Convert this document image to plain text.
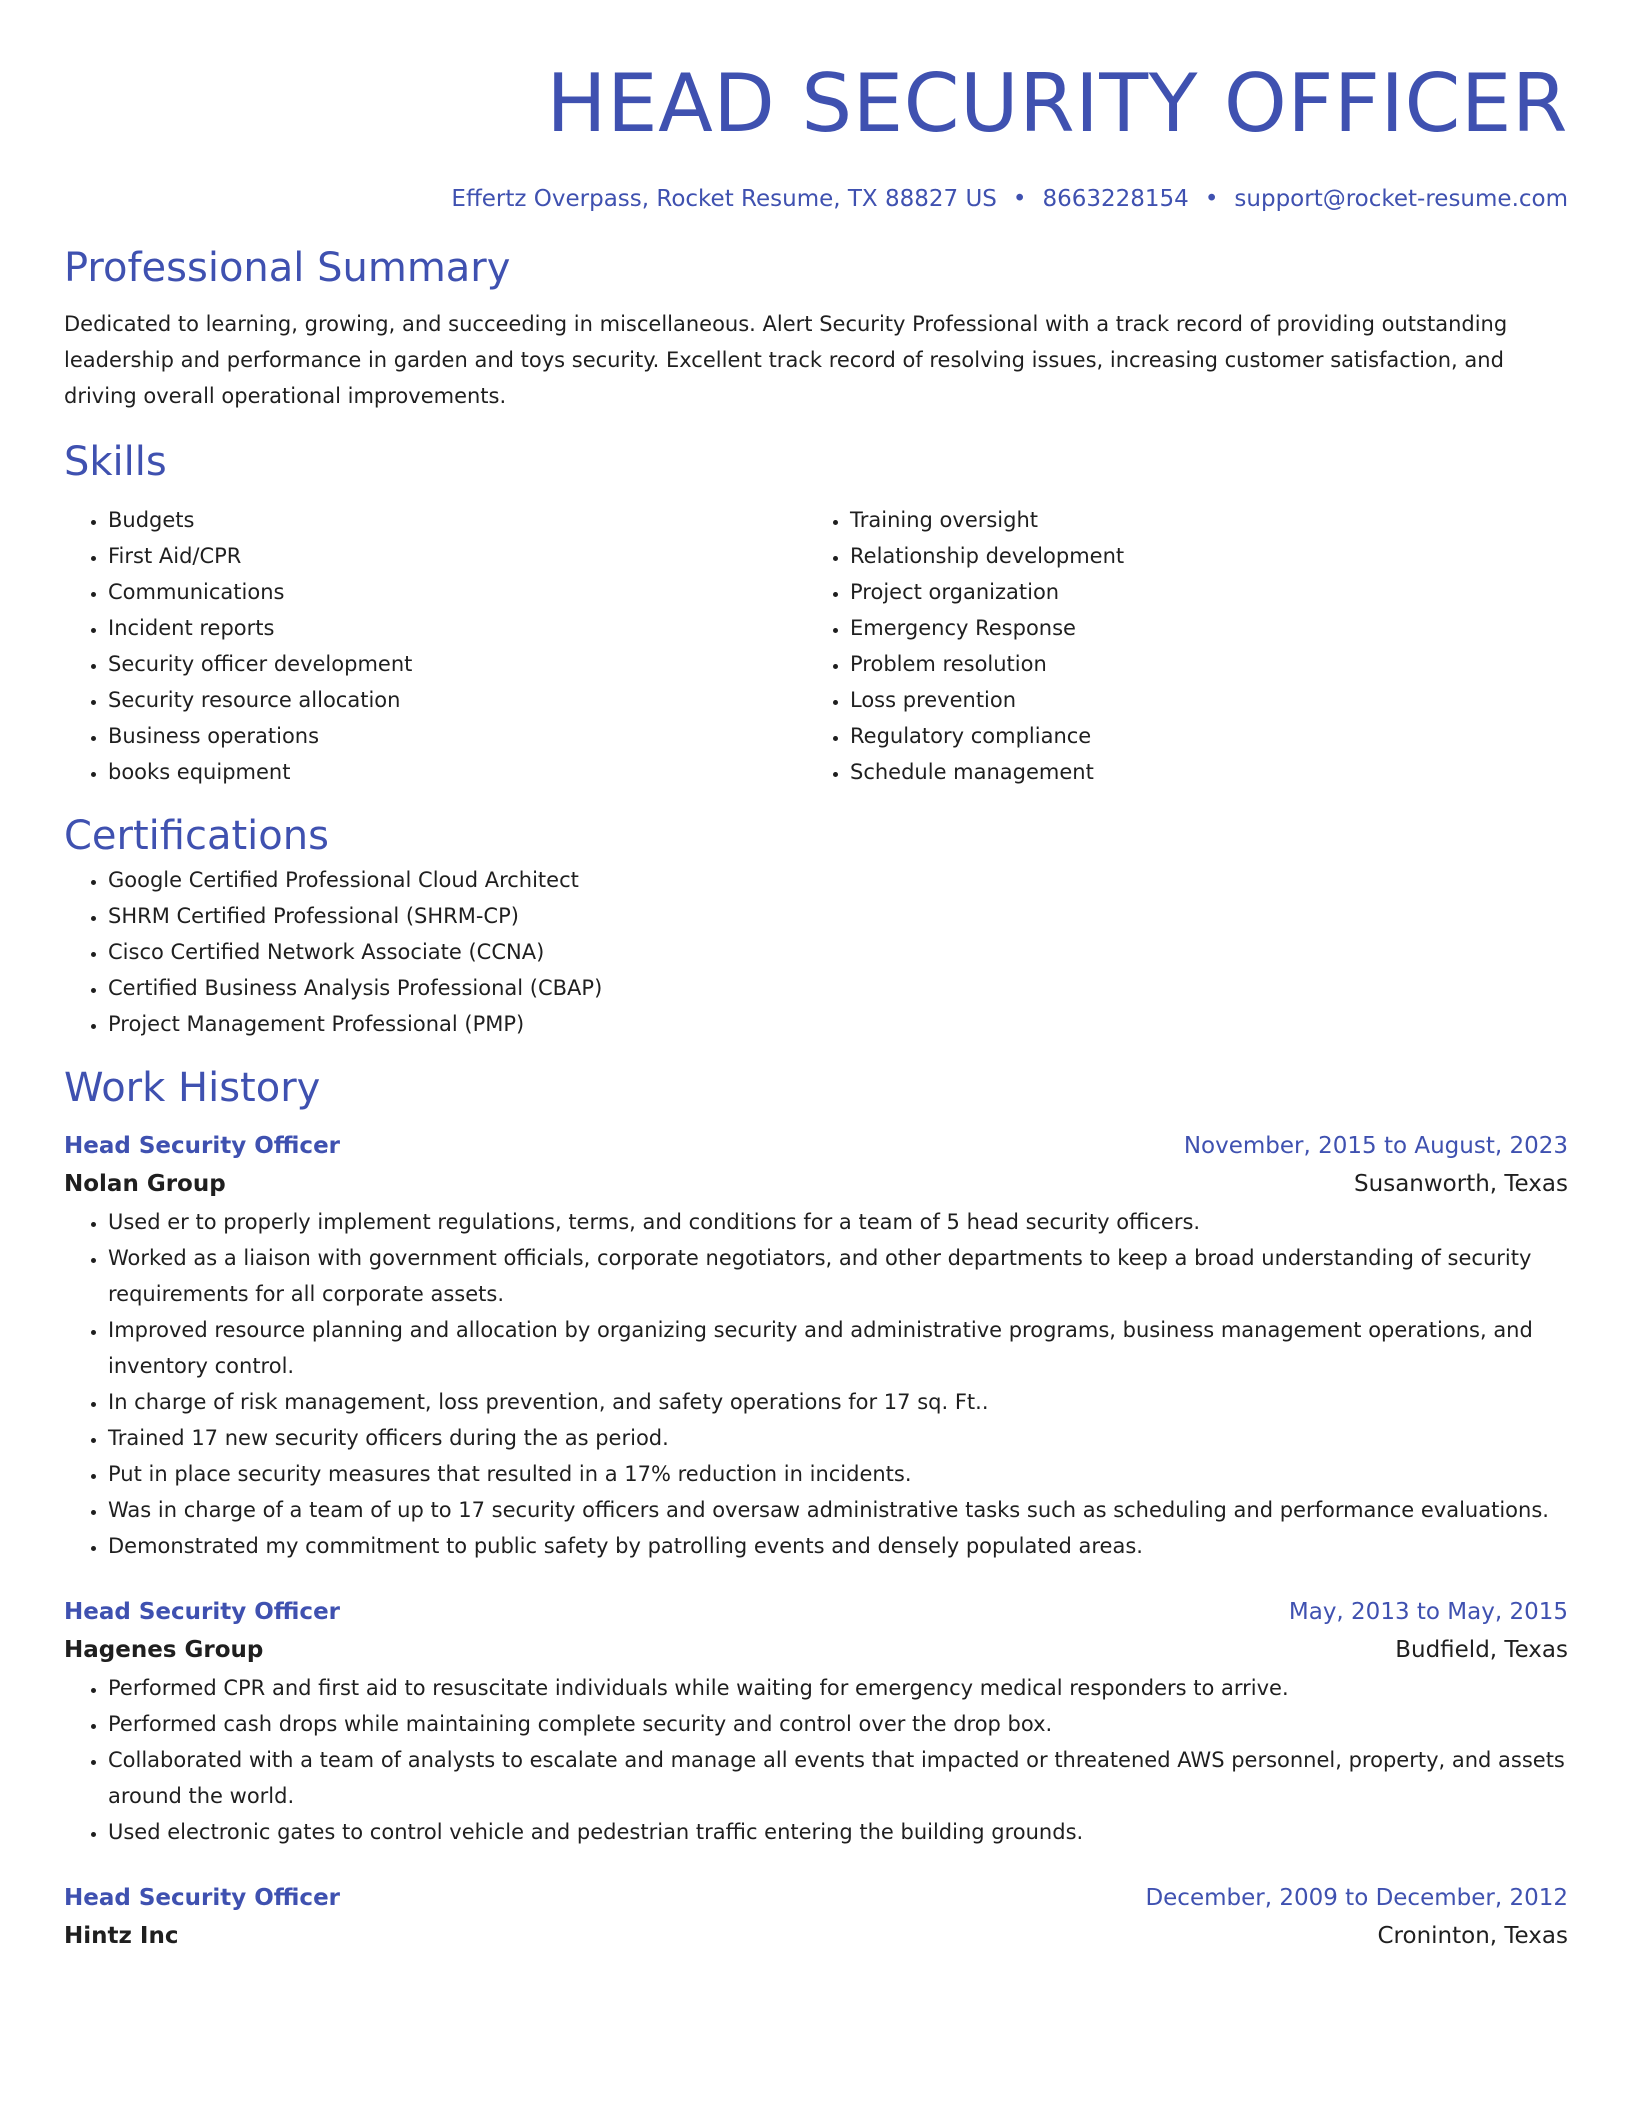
HEAD SECURITY OFFICER
Effertz Overpass, Rocket Resume, TX 88827 US • 8663228154 • support@rocket-resume.com
Professional Summary

Dedicated to learning, growing, and succeeding in miscellaneous. Alert Security Professional with a track record of providing outstanding leadership and performance in garden and toys security. Excellent track record of resolving issues, increasing customer satisfaction, and driving overall operational improvements.

Skills
• Budgets
• First Aid/CPR
• Communications
• Incident reports
• Security officer development
• Security resource allocation
• Business operations
• books equipment
• Training oversight
• Relationship development
• Project organization
• Emergency Response
• Problem resolution
• Loss prevention
• Regulatory compliance
• Schedule management
Certifications
• Google Certified Professional Cloud Architect
• SHRM Certified Professional (SHRM-CP)
• Cisco Certified Network Associate (CCNA)
• Certified Business Analysis Professional (CBAP)
• Project Management Professional (PMP)
Work History
Head Security Officer	November, 2015 to August, 2023
Nolan Group	Susanworth, Texas
• Used er to properly implement regulations, terms, and conditions for a team of 5 head security officers.
• Worked as a liaison with government officials, corporate negotiators, and other departments to keep a broad understanding of security requirements for all corporate assets.
• Improved resource planning and allocation by organizing security and administrative programs, business management operations, and inventory control.
• In charge of risk management, loss prevention, and safety operations for 17 sq. Ft..
• Trained 17 new security officers during the as period.
• Put in place security measures that resulted in a 17% reduction in incidents.
• Was in charge of a team of up to 17 security officers and oversaw administrative tasks such as scheduling and performance evaluations.
• Demonstrated my commitment to public safety by patrolling events and densely populated areas.
Head Security Officer	May, 2013 to May, 2015
Hagenes Group	Budfield, Texas
• Performed CPR and first aid to resuscitate individuals while waiting for emergency medical responders to arrive.
• Performed cash drops while maintaining complete security and control over the drop box.
• Collaborated with a team of analysts to escalate and manage all events that impacted or threatened AWS personnel, property, and assets around the world.
• Used electronic gates to control vehicle and pedestrian traffic entering the building grounds.
Head Security Officer	December, 2009 to December, 2012
Hintz Inc	Croninton, Texas
